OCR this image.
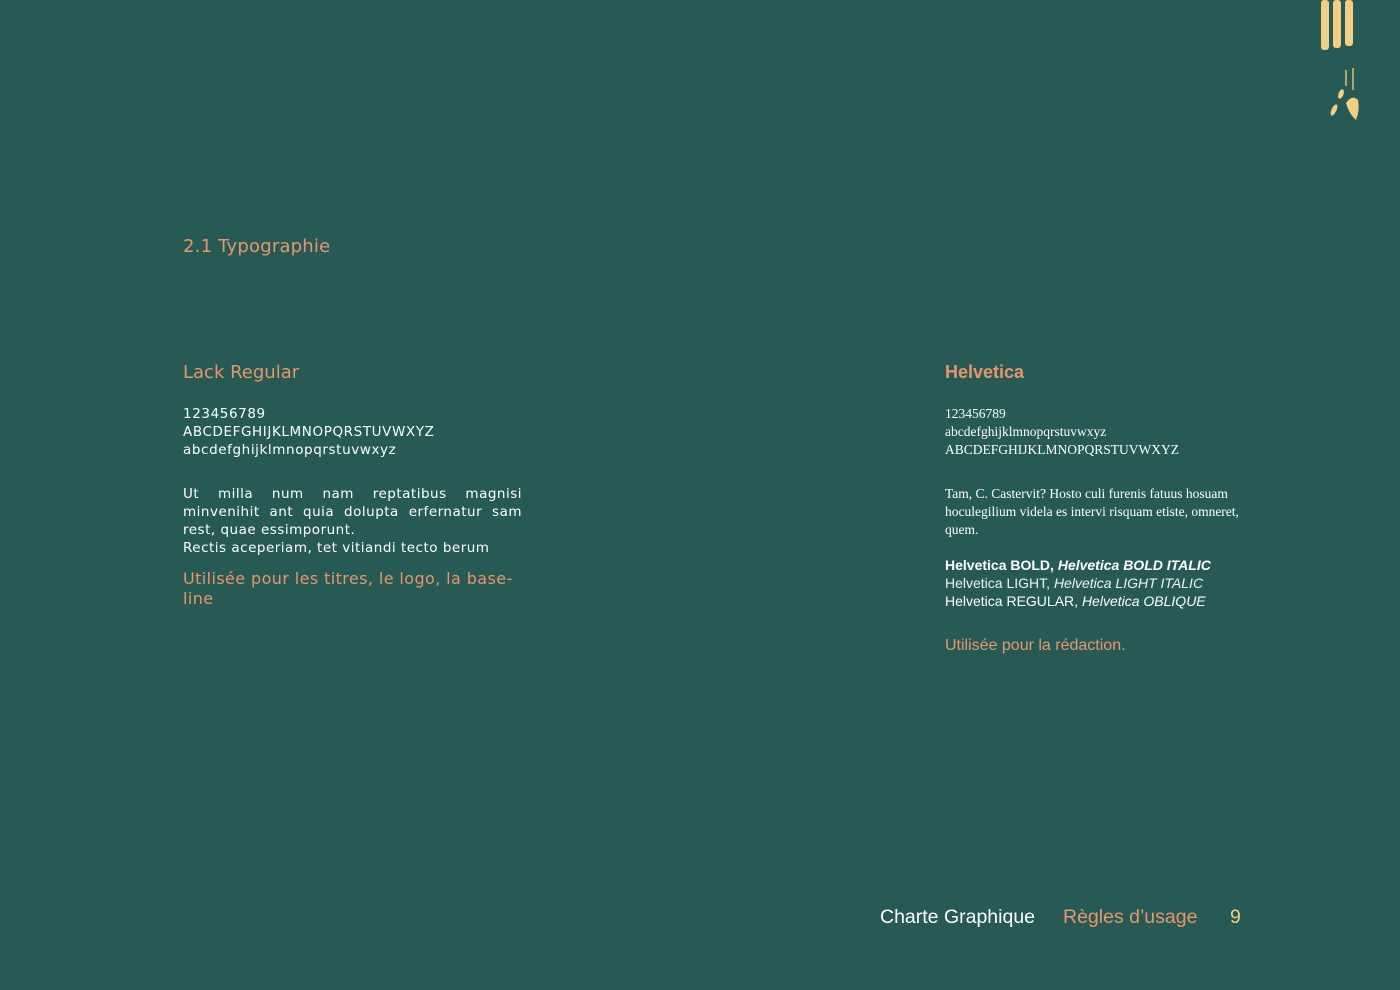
2.1 Typographie
Lack Regular
123456789
ABCDEFGHIJKLMNOPQRSTUVWXYZ
abcdefghijklmnopqrstuvwxyz
Ut milla num nam reptatibus magnisi minvenihit ant quia dolupta erfernatur sam rest, quae essimporunt.
Rectis aceperiam, tet vitiandi tecto berum
Utilisée pour les titres, le logo, la base-line
Helvetica
123456789
abcdefghijklmnopqrstuvwxyz
ABCDEFGHIJKLMNOPQRSTUVWXYZ
Tam, C. Castervit? Hosto culi furenis fatuus hosuam hoculegilium videla es intervi risquam etiste, omneret, quem.
Helvetica BOLD, Helvetica BOLD ITALIC
Helvetica LIGHT, Helvetica LIGHT ITALIC
Helvetica REGULAR, Helvetica OBLIQUE
Utilisée pour la rédaction.
Charte Graphique Règles d’usage 9
